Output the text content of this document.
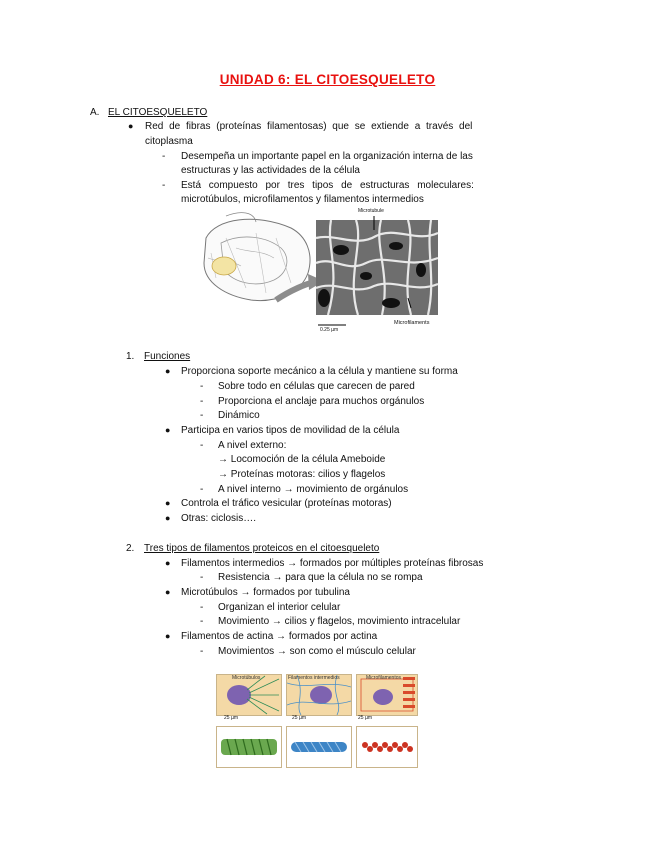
UNIDAD 6: EL CITOESQUELETO
A. EL CITOESQUELETO
● Red de fibras (proteínas filamentosas) que se extiende a través del
citoplasma
- Desempeña un importante papel en la organización interna de las
estructuras y las actividades de la célula
- Está compuesto por tres tipos de estructuras moleculares:
microtúbulos, microfilamentos y filamentos intermedios
Microtubule
Microfilaments
0.25 µm
1. Funciones
● Proporciona soporte mecánico a la célula y mantiene su forma
- Sobre todo en células que carecen de pared
- Proporciona el anclaje para muchos orgánulos
- Dinámico
● Participa en varios tipos de movilidad de la célula
- A nivel externo:
→ Locomoción de la célula Ameboide
→ Proteínas motoras: cilios y flagelos
- A nivel interno → movimiento de orgánulos
● Controla el tráfico vesicular (proteínas motoras)
● Otras: ciclosis….
2. Tres tipos de filamentos proteicos en el citoesqueleto
● Filamentos intermedios → formados por múltiples proteínas fibrosas
- Resistencia → para que la célula no se rompa
● Microtúbulos → formados por tubulina
- Organizan el interior celular
- Movimiento → cilios y flagelos, movimiento intracelular
● Filamentos de actina → formados por actina
- Movimientos → son como el músculo celular
Microtúbulos
25 µm
Filamentos intermedios
25 µm
Microfilamentos
25 µm
